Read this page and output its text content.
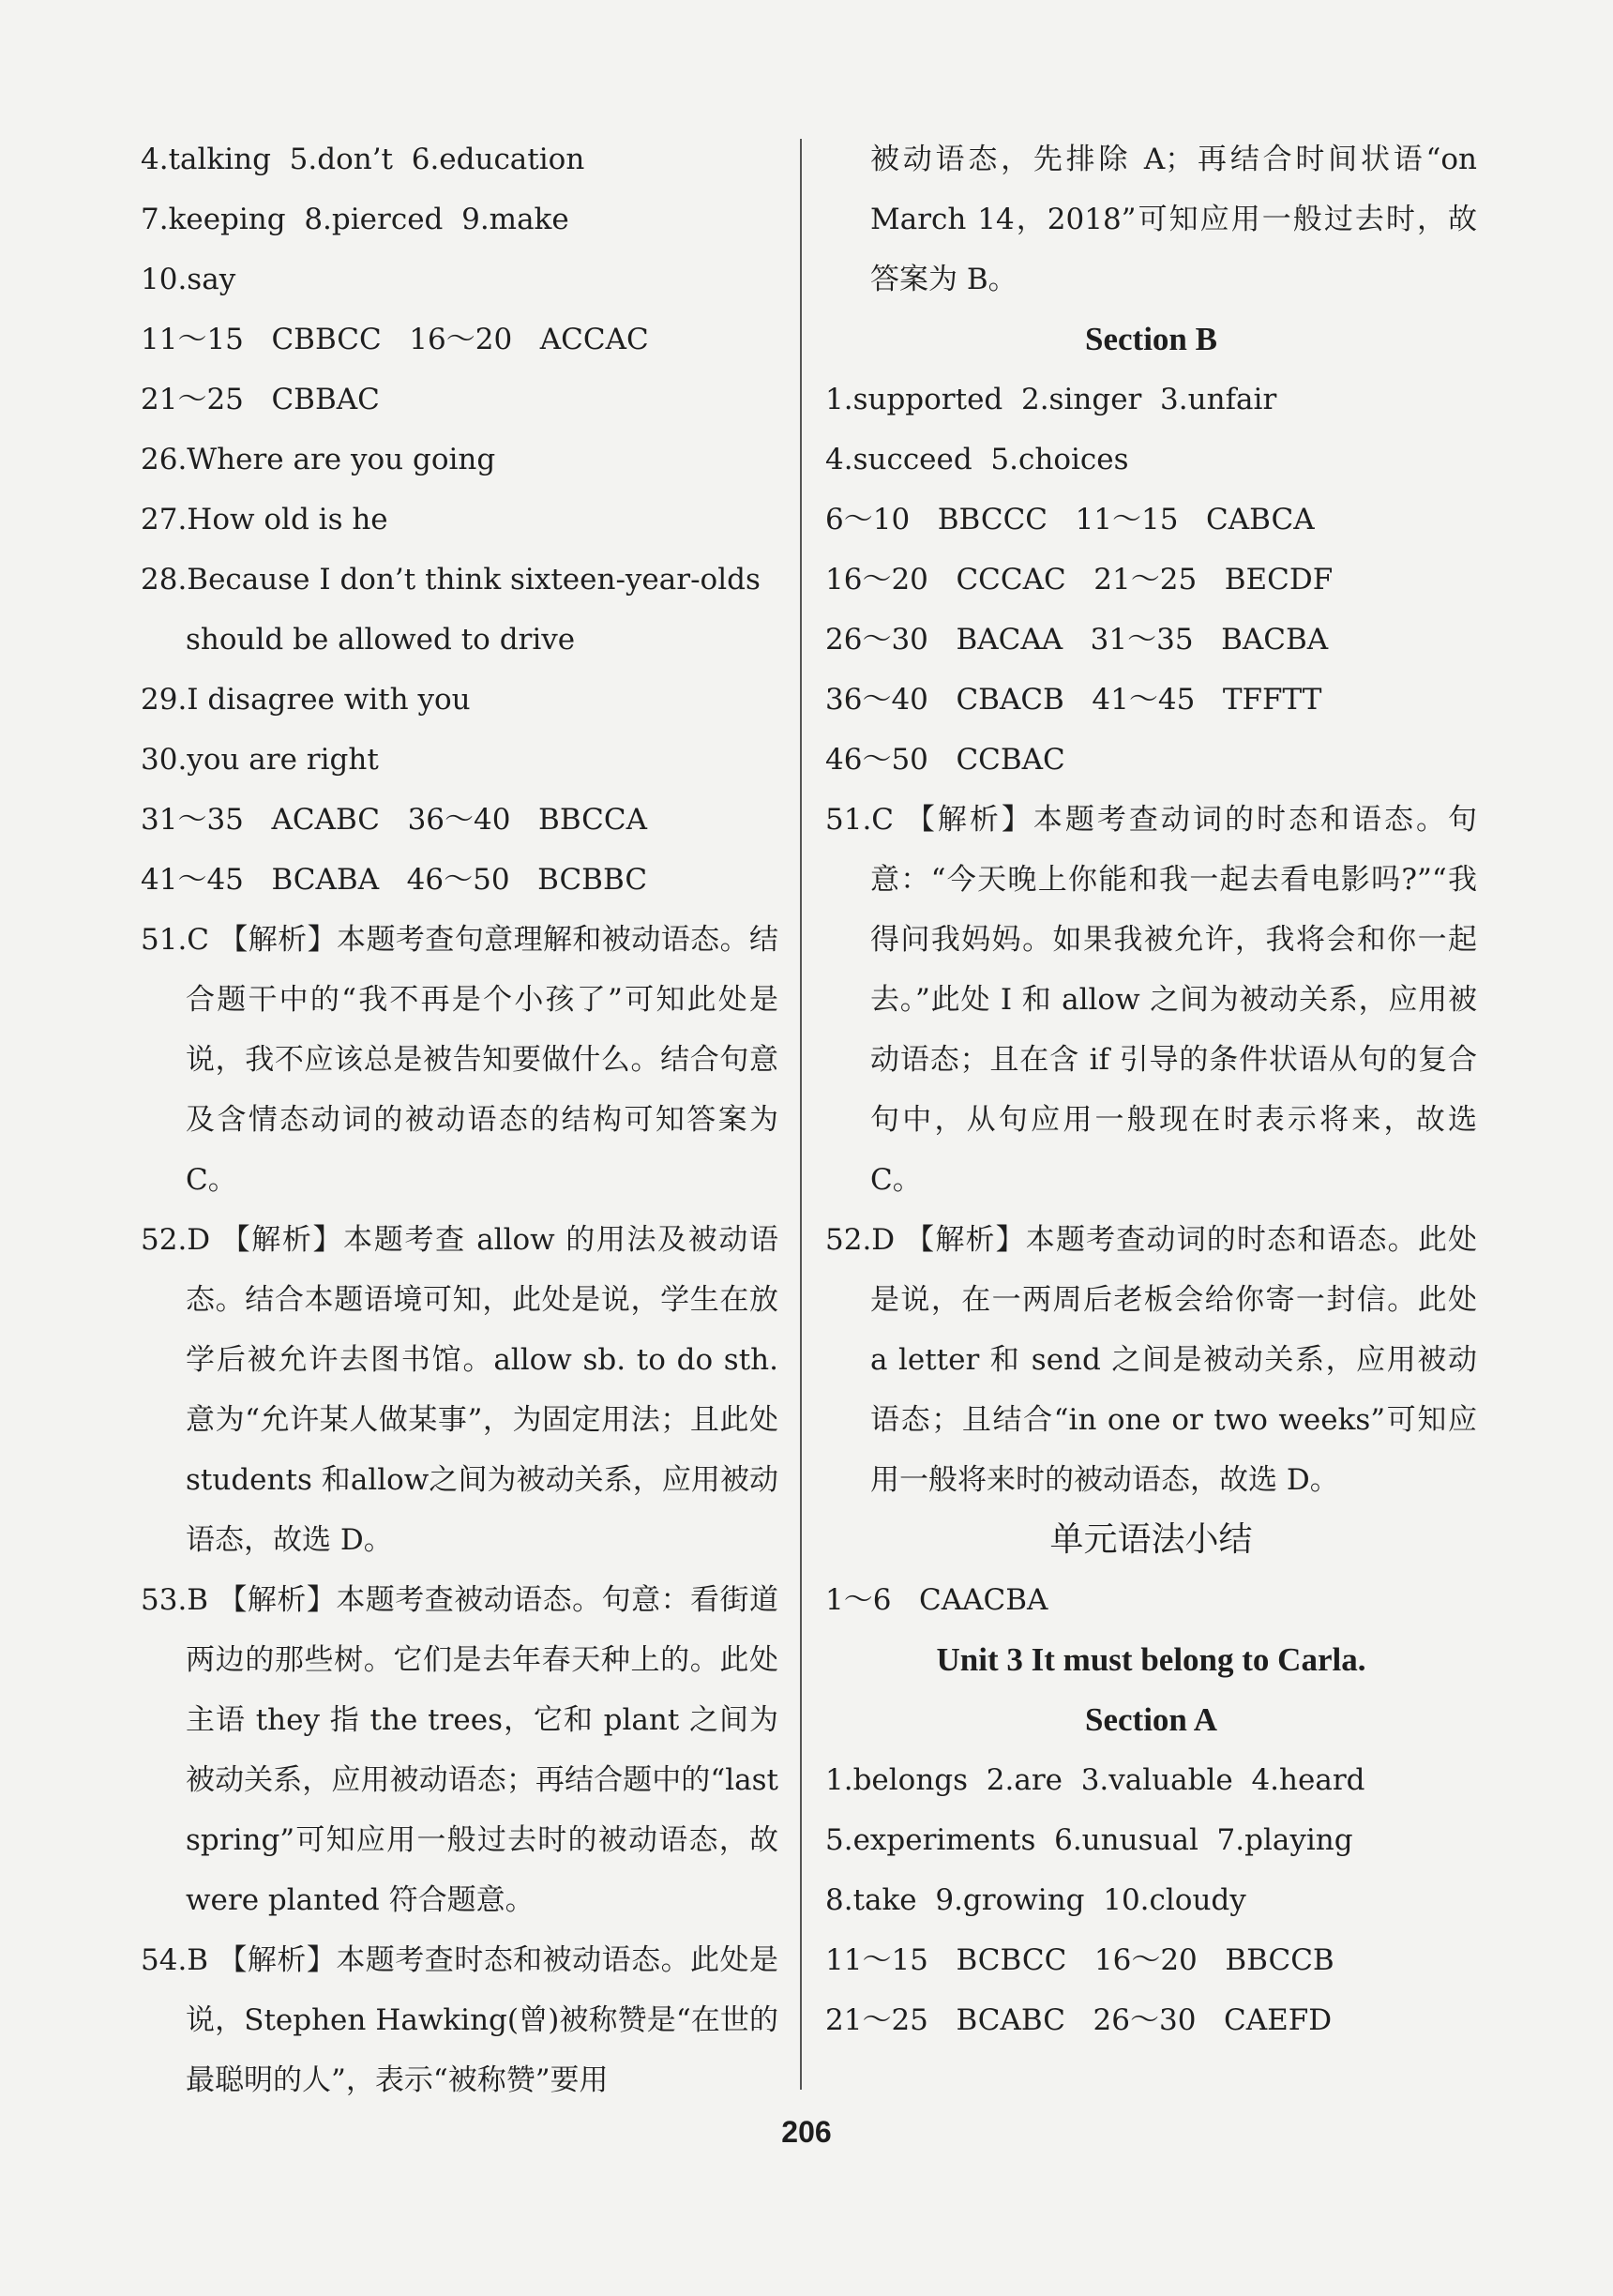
4.talking  5.don’t  6.education
7.keeping  8.pierced  9.make
10.say
11～15   CBBCC   16～20   ACCAC
21～25   CBBAC
26.Where are you going
27.How old is he
28.Because I don’t think sixteen-year-olds
should be allowed to drive
29.I disagree with you
30.you are right
31～35   ACABC   36～40   BBCCA
41～45   BCABA   46～50   BCBBC
51.C 【解析】本题考查句意理解和被动语态。结合题干中的“我不再是个小孩了”可知此处是说，我不应该总是被告知要做什么。结合句意及含情态动词的被动语态的结构可知答案为 C。
52.D 【解析】本题考查 allow 的用法及被动语态。结合本题语境可知，此处是说，学生在放学后被允许去图书馆。allow sb. to do sth.意为“允许某人做某事”，为固定用法；且此处 students 和allow之间为被动关系，应用被动语态，故选 D。
53.B 【解析】本题考查被动语态。句意：看街道两边的那些树。它们是去年春天种上的。此处主语 they 指 the trees，它和 plant 之间为被动关系，应用被动语态；再结合题中的“last spring”可知应用一般过去时的被动语态，故 were planted 符合题意。
54.B 【解析】本题考查时态和被动语态。此处是说，Stephen Hawking(曾)被称赞是“在世的最聪明的人”，表示“被称赞”要用
被动语态，先排除 A；再结合时间状语“on March 14，2018”可知应用一般过去时，故答案为 B。
Section B
1.supported  2.singer  3.unfair
4.succeed  5.choices
6～10   BBCCC   11～15   CABCA
16～20   CCCAC   21～25   BECDF
26～30   BACAA   31～35   BACBA
36～40   CBACB   41～45   TFFTT
46～50   CCBAC
51.C 【解析】本题考查动词的时态和语态。句意：“今天晚上你能和我一起去看电影吗?”“我得问我妈妈。如果我被允许，我将会和你一起去。”此处 I 和 allow 之间为被动关系，应用被动语态；且在含 if 引导的条件状语从句的复合句中，从句应用一般现在时表示将来，故选 C。
52.D 【解析】本题考查动词的时态和语态。此处是说，在一两周后老板会给你寄一封信。此处 a letter 和 send 之间是被动关系，应用被动语态；且结合“in one or two weeks”可知应用一般将来时的被动语态，故选 D。
单元语法小结
1～6   CAACBA
Unit 3 It must belong to Carla.
Section A
1.belongs  2.are  3.valuable  4.heard
5.experiments  6.unusual  7.playing
8.take  9.growing  10.cloudy
11～15   BCBCC   16～20   BBCCB
21～25   BCABC   26～30   CAEFD
206
